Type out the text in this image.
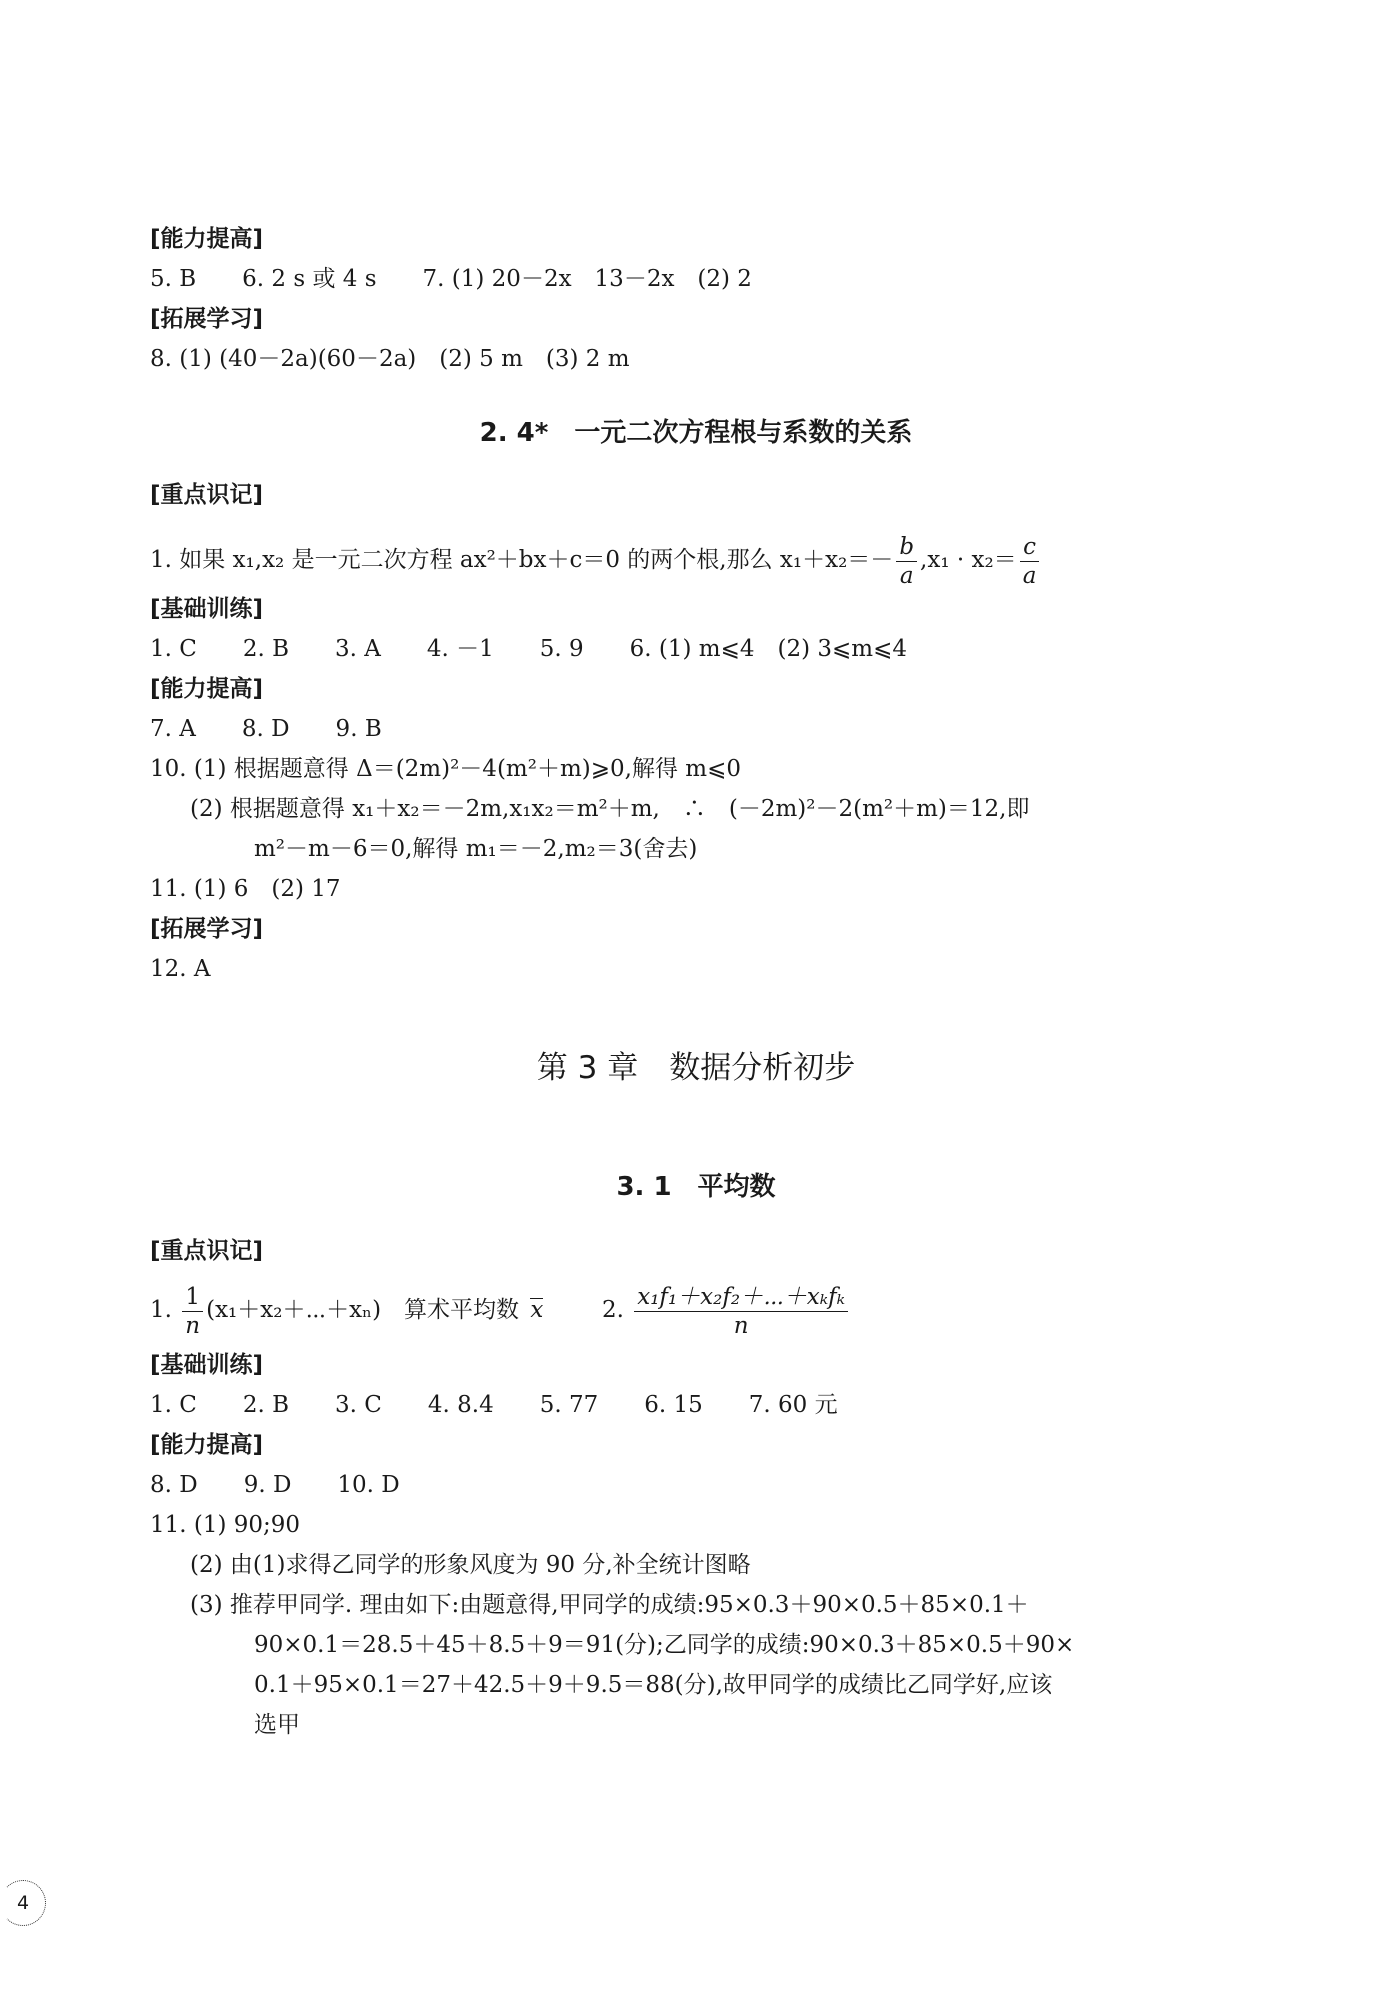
[能力提高]
5. B　　6. 2 s 或 4 s　　7. (1) 20－2x　13－2x　(2) 2
[拓展学习]
8. (1) (40－2a)(60－2a)　(2) 5 m　(3) 2 m
2. 4*　一元二次方程根与系数的关系
[重点识记]
1. 如果 x₁,x₂ 是一元二次方程 ax²＋bx＋c＝0 的两个根,那么 $x_1+x_2=- \frac{b}{a} ,x_1 \cdot x_2= \frac{c}{a}$
[基础训练]
1. C　　2. B　　3. A　　4. －1　　5. 9　　6. (1) m⩽4　(2) 3⩽m⩽4
[能力提高]
7. A　　8. D　　9. B
10. (1) 根据题意得 Δ＝(2m)²－4(m²＋m)⩾0,解得 m⩽0
(2) 根据题意得 x₁＋x₂＝－2m,x₁x₂＝m²＋m,　∴　(－2m)²－2(m²＋m)＝12,即
m²－m－6＝0,解得 m₁＝－2,m₂＝3(舍去)
11. (1) 6　(2) 17
[拓展学习]
12. A
第 3 章　数据分析初步
3. 1　平均数
[重点识记]
1. $\frac{1}{n}$ (x₁＋x₂＋⋯＋xₙ)　算术平均数 x	2. $\frac{\text{x₁f₁＋x₂f₂＋⋯＋xₖfₖ}}{n}$
[基础训练]
1. C　　2. B　　3. C　　4. 8.4　　5. 77　　6. 15　　7. 60 元
[能力提高]
8. D　　9. D　　10. D
11. (1) 90;90
(2) 由(1)求得乙同学的形象风度为 90 分,补全统计图略
(3) 推荐甲同学. 理由如下:由题意得,甲同学的成绩:95×0.3＋90×0.5＋85×0.1＋
90×0.1＝28.5＋45＋8.5＋9＝91(分);乙同学的成绩:90×0.3＋85×0.5＋90×
0.1＋95×0.1＝27＋42.5＋9＋9.5＝88(分),故甲同学的成绩比乙同学好,应该
选甲
4
